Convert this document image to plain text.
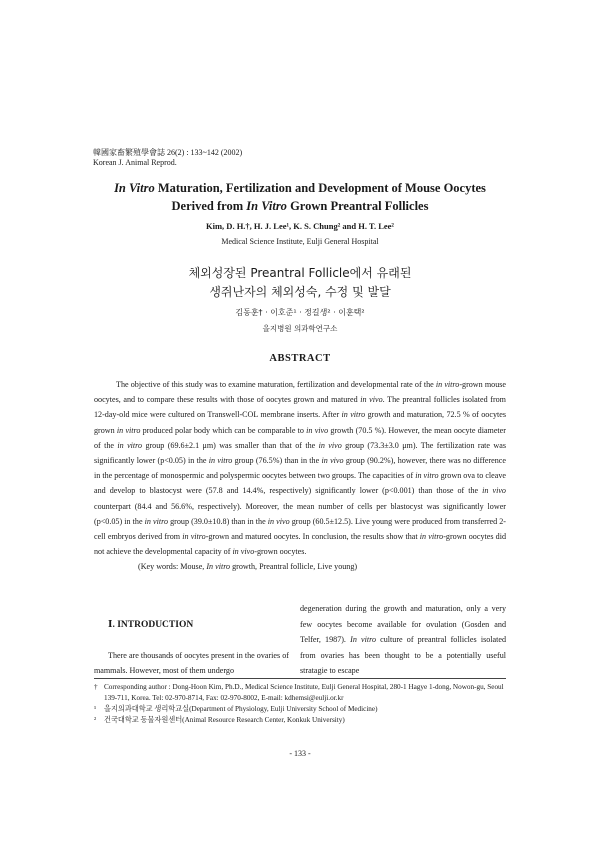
韓國家畜繁殖學會誌 26(2) : 133~142 (2002)
Korean J. Animal Reprod.
In Vitro Maturation, Fertilization and Development of Mouse Oocytes
Derived from In Vitro Grown Preantral Follicles
Kim, D. H.†, H. J. Lee¹, K. S. Chung² and H. T. Lee²
Medical Science Institute, Eulji General Hospital
체외성장된 Preantral Follicle에서 유래된
생쥐난자의 체외성숙, 수정 및 발달
김동훈† · 이호준¹ · 정길생² · 이훈택²
을지병원 의과학연구소
ABSTRACT

The objective of this study was to examine maturation, fertilization and developmental rate of the in vitro-grown mouse oocytes, and to compare these results with those of oocytes grown and matured in vivo. The preantral follicles isolated from 12-day-old mice were cultured on Transwell-COL membrane inserts. After in vitro growth and maturation, 72.5 % of oocytes grown in vitro produced polar body which can be comparable to in vivo growth (70.5 %). However, the mean oocyte diameter of the in vitro group (69.6±2.1 μm) was smaller than that of the in vivo group (73.3±3.0 μm). The fertilization rate was significantly lower (p<0.05) in the in vitro group (76.5%) than in the in vivo group (90.2%), however, there was no difference in the percentage of monospermic and polyspermic oocytes between two groups. The capacities of in vitro grown ova to cleave and develop to blastocyst were (57.8 and 14.4%, respectively) significantly lower (p<0.001) than those of the in vivo counterpart (84.4 and 56.6%, respectively). Moreover, the mean number of cells per blastocyst was significantly lower (p<0.05) in the in vitro group (39.0±10.8) than in the in vivo group (60.5±12.5). Live young were produced from transferred 2-cell embryos derived from in vitro-grown and matured oocytes. In conclusion, the results show that in vitro-grown oocytes did not achieve the developmental capacity of in vivo-grown oocytes.

(Key words: Mouse, In vitro growth, Preantral follicle, Live young)

Ⅰ. INTRODUCTION

There are thousands of oocytes present in the ovaries of mammals. However, most of them undergo

degeneration during the growth and maturation, only a very few oocytes become available for ovulation (Gosden and Telfer, 1987). In vitro culture of preantral follicles isolated from ovaries has been thought to be a potentially useful stratagie to escape

† Corresponding author : Dong-Hoon Kim, Ph.D., Medical Science Institute, Eulji General Hospital, 280-1 Hagye 1-dong, Nowon-gu, Seoul 139-711, Korea. Tel: 02-970-8714, Fax: 02-970-8002, E-mail: kdhemsi@eulji.or.kr

¹ 을지의과대학교 생리학교실(Department of Physiology, Eulji University School of Medicine)

² 건국대학교 동물자원센터(Animal Resource Research Center, Konkuk University)

- 133 -
